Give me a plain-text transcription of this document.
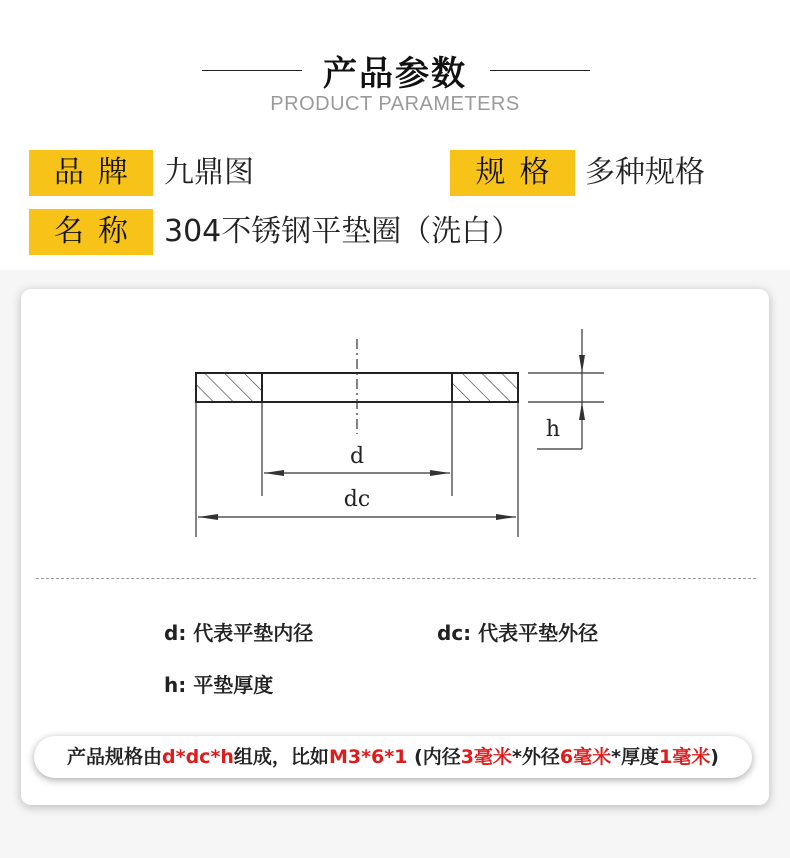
产品参数
PRODUCT PARAMETERS
品牌 九鼎图	规格 多种规格
名称 304不锈钢平垫圈（洗白）
d
dc
h
d: 代表平垫内径	dc: 代表平垫外径
h: 平垫厚度
产品规格由d*dc*h组成，比如M3*6*1 (内径3毫米*外径6毫米*厚度1毫米)
